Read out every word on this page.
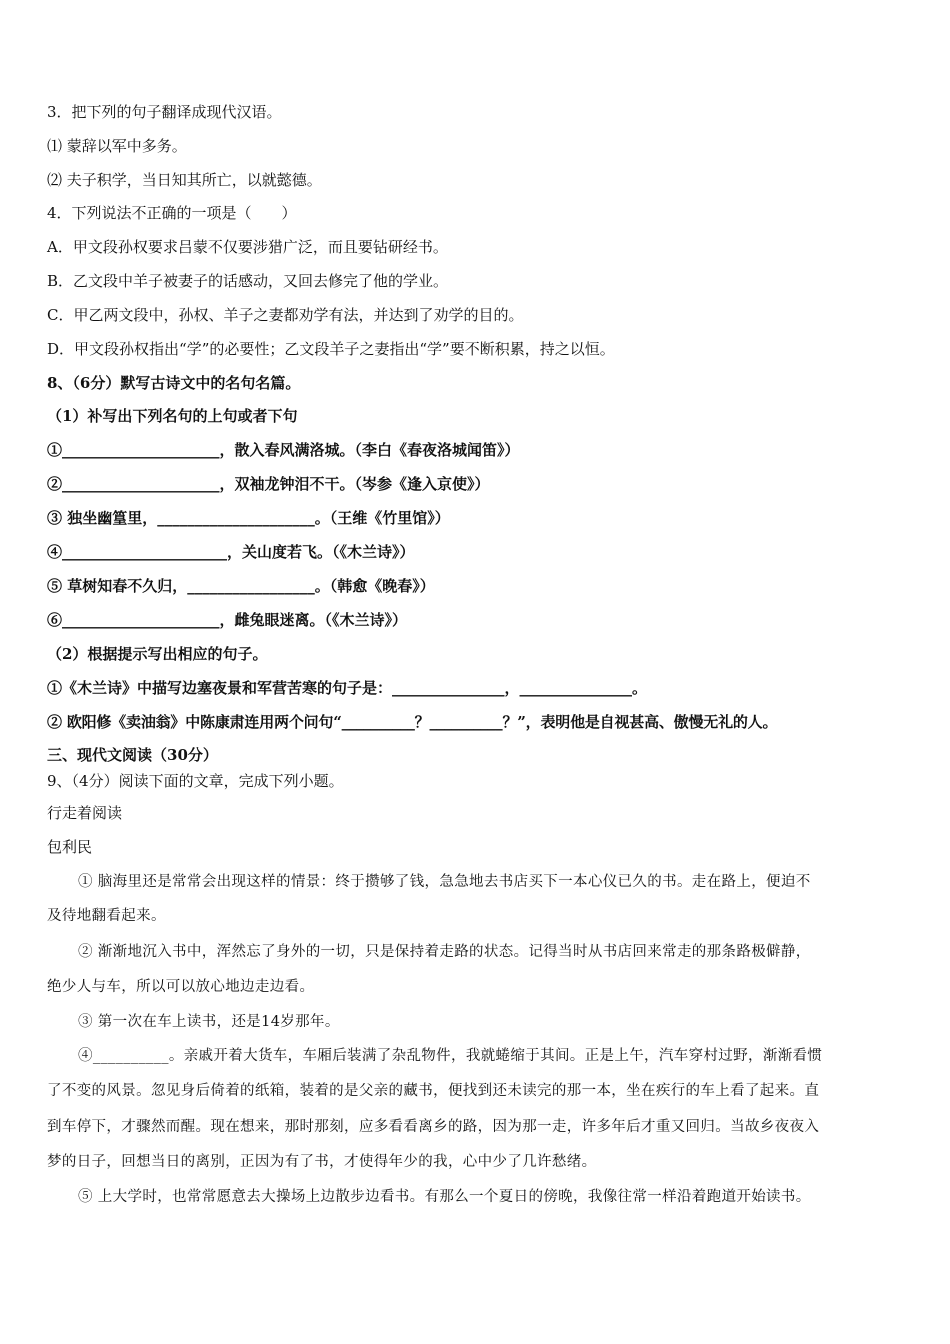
3．把下列的句子翻译成现代汉语。
⑴ 蒙辞以军中多务。
⑵ 夫子积学，当日知其所亡，以就懿德。
4．下列说法不正确的一项是（　　）
A．甲文段孙权要求吕蒙不仅要涉猎广泛，而且要钻研经书。
B．乙文段中羊子被妻子的话感动，又回去修完了他的学业。
C．甲乙两文段中，孙权、羊子之妻都劝学有法，并达到了劝学的目的。
D．甲文段孙权指出“学”的必要性；乙文段羊子之妻指出“学”要不断积累，持之以恒。
8、（6分）默写古诗文中的名句名篇。
（1）补写出下列名句的上句或者下句
①_____________________，散入春风满洛城。（李白《春夜洛城闻笛》）
②_____________________，双袖龙钟泪不干。（岑参《逢入京使》）
③ 独坐幽篁里，_____________________。（王维《竹里馆》）
④______________________，关山度若飞。（《木兰诗》）
⑤ 草树知春不久归，_________________。（韩愈《晚春》）
⑥_____________________，雌兔眼迷离。（《木兰诗》）
（2）根据提示写出相应的句子。
①《木兰诗》中描写边塞夜景和军营苦寒的句子是：_______________，_______________。
② 欧阳修《卖油翁》中陈康肃连用两个问句“__________？__________？”，表明他是自视甚高、傲慢无礼的人。
三、现代文阅读（30分）
9、（4分）阅读下面的文章，完成下列小题。
行走着阅读
包利民
① 脑海里还是常常会出现这样的情景：终于攒够了钱，急急地去书店买下一本心仪已久的书。走在路上，便迫不
及待地翻看起来。
② 渐渐地沉入书中，浑然忘了身外的一切，只是保持着走路的状态。记得当时从书店回来常走的那条路极僻静，
绝少人与车，所以可以放心地边走边看。
③ 第一次在车上读书，还是14岁那年。
④__________。亲戚开着大货车，车厢后装满了杂乱物件，我就蜷缩于其间。正是上午，汽车穿村过野，渐渐看惯
了不变的风景。忽见身后倚着的纸箱，装着的是父亲的藏书，便找到还未读完的那一本，坐在疾行的车上看了起来。直
到车停下，才骤然而醒。现在想来，那时那刻，应多看看离乡的路，因为那一走，许多年后才重又回归。当故乡夜夜入
梦的日子，回想当日的离别，正因为有了书，才使得年少的我，心中少了几许愁绪。
⑤ 上大学时，也常常愿意去大操场上边散步边看书。有那么一个夏日的傍晚，我像往常一样沿着跑道开始读书。
